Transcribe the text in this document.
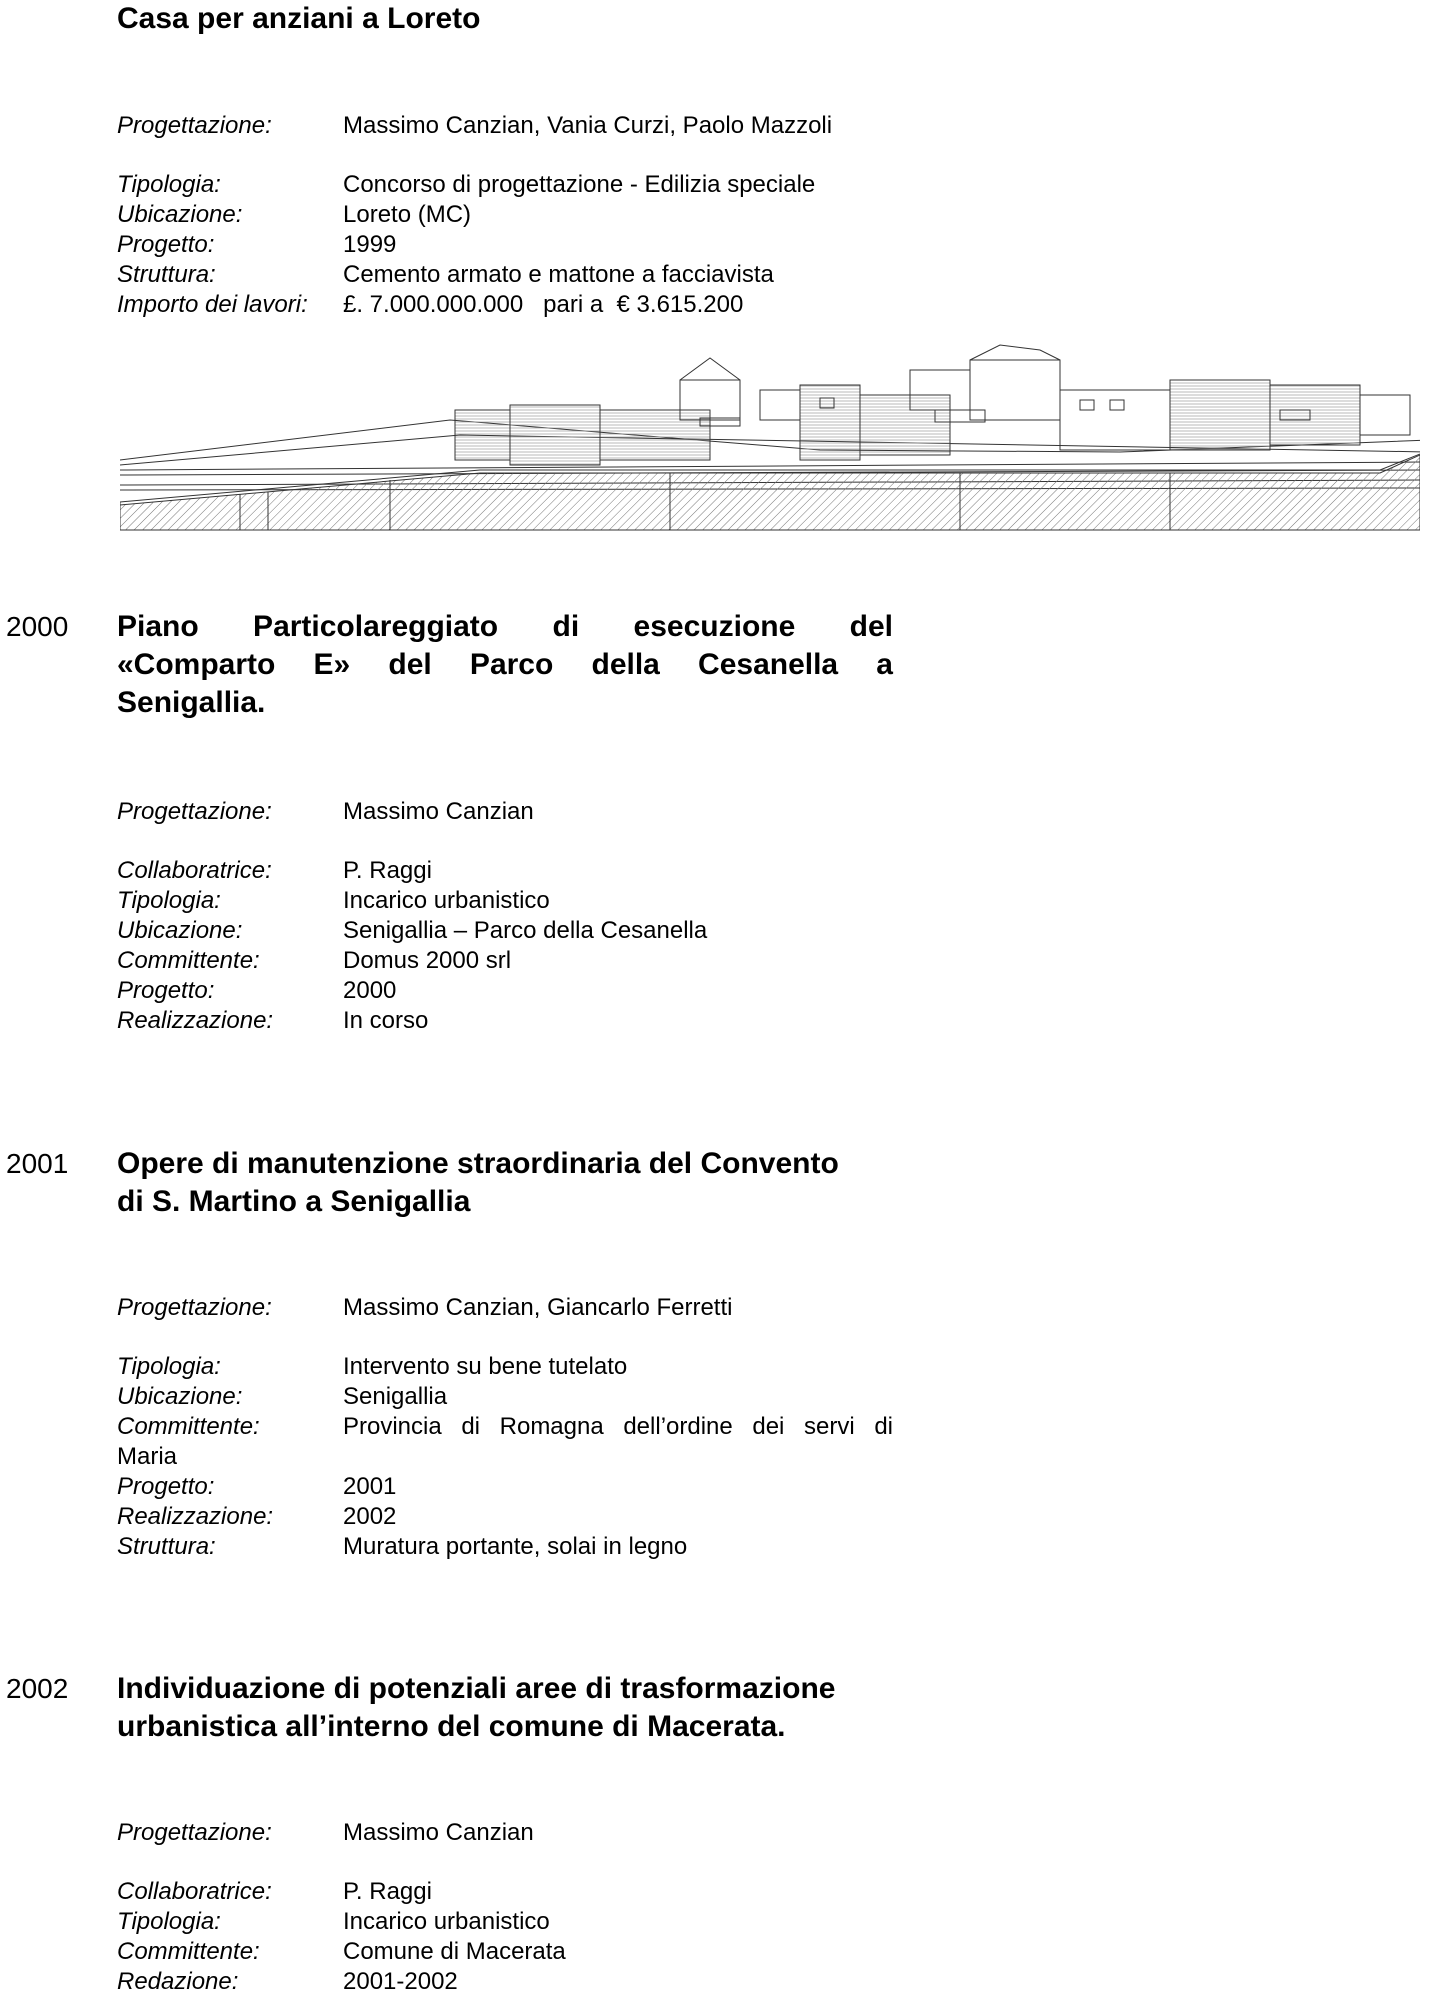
Casa per anziani a Loreto
Progettazione:	Massimo Canzian, Vania Curzi, Paolo Mazzoli
Tipologia:	Concorso di progettazione - Edilizia speciale
Ubicazione:	Loreto (MC)
Progetto:	1999
Struttura:	Cemento armato e mattone a facciavista
Importo dei lavori: £. 7.000.000.000   pari a  € 3.615.200
2000 Piano Particolareggiato di esecuzione del
«Comparto E» del Parco della Cesanella a
Senigallia.
Progettazione:	Massimo Canzian
Collaboratrice:	P. Raggi
Tipologia:	Incarico urbanistico
Ubicazione:	Senigallia – Parco della Cesanella
Committente:	Domus 2000 srl
Progetto:	2000
Realizzazione:	In corso
2001 Opere di manutenzione straordinaria del Convento
di S. Martino a Senigallia
Progettazione:	Massimo Canzian, Giancarlo Ferretti
Tipologia:	Intervento su bene tutelato
Ubicazione:	Senigallia
Committente:	Provincia di Romagna dell’ordine dei servi di
Maria
Progetto:	2001
Realizzazione:	2002
Struttura:	Muratura portante, solai in legno
2002 Individuazione di potenziali aree di trasformazione
urbanistica all’interno del comune di Macerata.
Progettazione:	Massimo Canzian
Collaboratrice:	P. Raggi
Tipologia:	Incarico urbanistico
Committente:	Comune di Macerata
Redazione:	2001-2002
